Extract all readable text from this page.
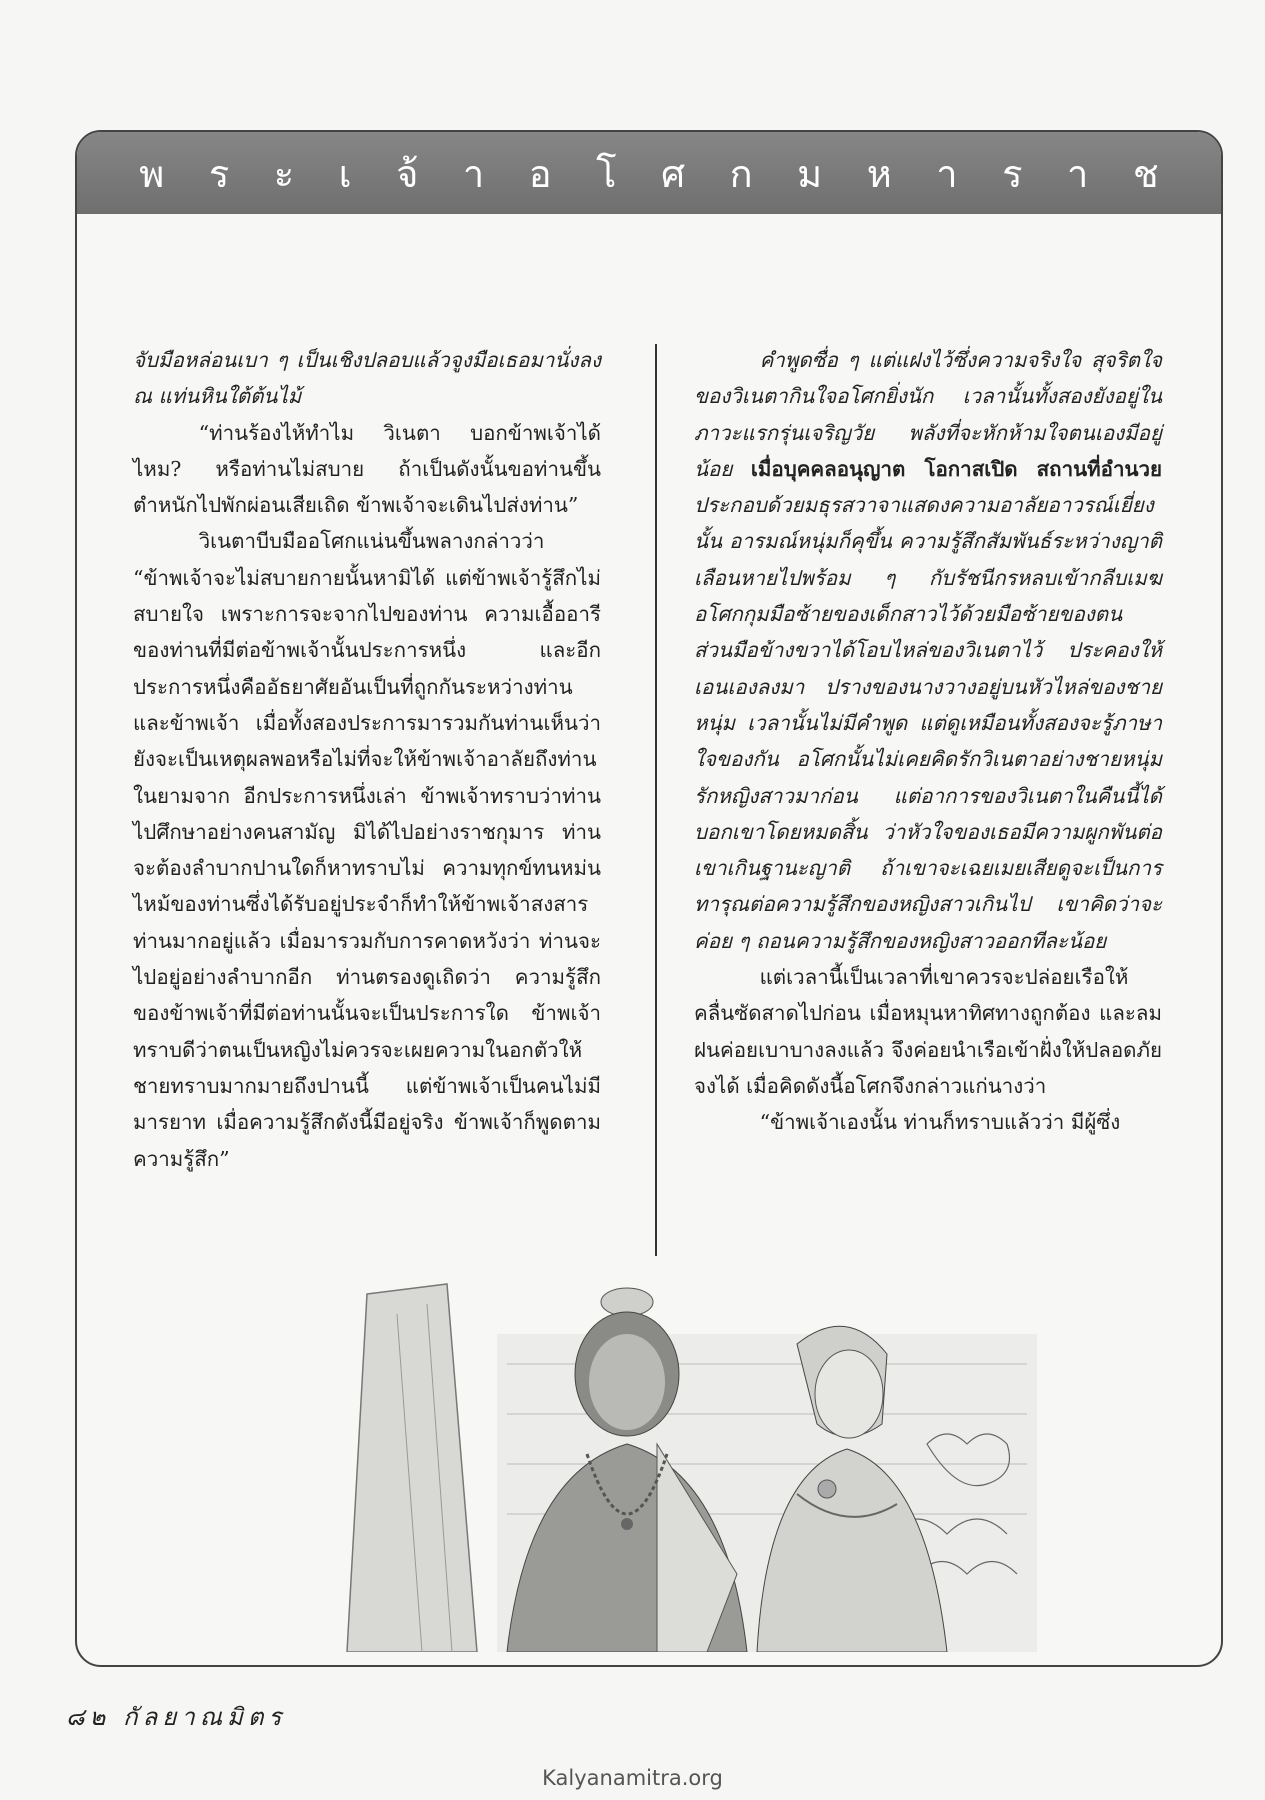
พ ร ะ เ จ้ า อ โ ศ ก ม ห า ร า ช

จับมือหล่อนเบา ๆ เป็นเชิงปลอบแล้วจูงมือเธอมานั่งลง ณ แท่นหินใต้ต้นไม้

“ท่านร้องไห้ทำไม วิเนตา บอกข้าพเจ้าได้ไหม? หรือท่านไม่สบาย ถ้าเป็นดังนั้นขอท่านขึ้นตำหนักไปพักผ่อนเสียเถิด ข้าพเจ้าจะเดินไปส่งท่าน”

วิเนตาบีบมืออโศกแน่นขึ้นพลางกล่าวว่า “ข้าพเจ้าจะไม่สบายกายนั้นหามิได้ แต่ข้าพเจ้ารู้สึกไม่สบายใจ เพราะการจะจากไปของท่าน ความเอื้ออารีของท่านที่มีต่อข้าพเจ้านั้นประการหนึ่ง และอีกประการหนึ่งคืออัธยาศัยอันเป็นที่ถูกกันระหว่างท่านและข้าพเจ้า เมื่อทั้งสองประการมารวมกันท่านเห็นว่ายังจะเป็นเหตุผลพอหรือไม่ที่จะให้ข้าพเจ้าอาลัยถึงท่านในยามจาก อีกประการหนึ่งเล่า ข้าพเจ้าทราบว่าท่านไปศึกษาอย่างคนสามัญ มิได้ไปอย่างราชกุมาร ท่านจะต้องลำบากปานใดก็หาทราบไม่ ความทุกข์ทนหม่นไหม้ของท่านซึ่งได้รับอยู่ประจำก็ทำให้ข้าพเจ้าสงสารท่านมากอยู่แล้ว เมื่อมารวมกับการคาดหวังว่า ท่านจะไปอยู่อย่างลำบากอีก ท่านตรองดูเถิดว่า ความรู้สึกของข้าพเจ้าที่มีต่อท่านนั้นจะเป็นประการใด ข้าพเจ้าทราบดีว่าตนเป็นหญิงไม่ควรจะเผยความในอกตัวให้ชายทราบมากมายถึงปานนี้ แต่ข้าพเจ้าเป็นคนไม่มีมารยาท เมื่อความรู้สึกดังนี้มีอยู่จริง ข้าพเจ้าก็พูดตามความรู้สึก”

คำพูดซื่อ ๆ แต่แฝงไว้ซึ่งความจริงใจ สุจริตใจของวิเนตากินใจอโศกยิ่งนัก เวลานั้นทั้งสองยังอยู่ในภาวะแรกรุ่นเจริญวัย พลังที่จะหักห้ามใจตนเองมีอยู่น้อย เมื่อบุคคลอนุญาต โอกาสเปิด สถานที่อำนวย ประกอบด้วยมธุรสวาจาแสดงความอาลัยอาวรณ์เยี่ยงนั้น อารมณ์หนุ่มก็คุขึ้น ความรู้สึกสัมพันธ์ระหว่างญาติเลือนหายไปพร้อม ๆ กับรัชนีกรหลบเข้ากลีบเมฆ อโศกกุมมือซ้ายของเด็กสาวไว้ด้วยมือซ้ายของตน ส่วนมือข้างขวาได้โอบไหล่ของวิเนตาไว้ ประคองให้เอนเองลงมา ปรางของนางวางอยู่บนหัวไหล่ของชายหนุ่ม เวลานั้นไม่มีคำพูด แต่ดูเหมือนทั้งสองจะรู้ภาษาใจของกัน อโศกนั้นไม่เคยคิดรักวิเนตาอย่างชายหนุ่มรักหญิงสาวมาก่อน แต่อาการของวิเนตาในคืนนี้ได้บอกเขาโดยหมดสิ้น ว่าหัวใจของเธอมีความผูกพันต่อเขาเกินฐานะญาติ ถ้าเขาจะเฉยเมยเสียดูจะเป็นการทารุณต่อความรู้สึกของหญิงสาวเกินไป เขาคิดว่าจะค่อย ๆ ถอนความรู้สึกของหญิงสาวออกทีละน้อย

แต่เวลานี้เป็นเวลาที่เขาควรจะปล่อยเรือให้คลื่นซัดสาดไปก่อน เมื่อหมุนหาทิศทางถูกต้อง และลมฝนค่อยเบาบางลงแล้ว จึงค่อยนำเรือเข้าฝั่งให้ปลอดภัยจงได้ เมื่อคิดดังนี้อโศกจึงกล่าวแก่นางว่า

“ข้าพเจ้าเองนั้น ท่านก็ทราบแล้วว่า มีผู้ซึ่ง

๘๒ กัลยาณมิตร
Kalyanamitra.org
